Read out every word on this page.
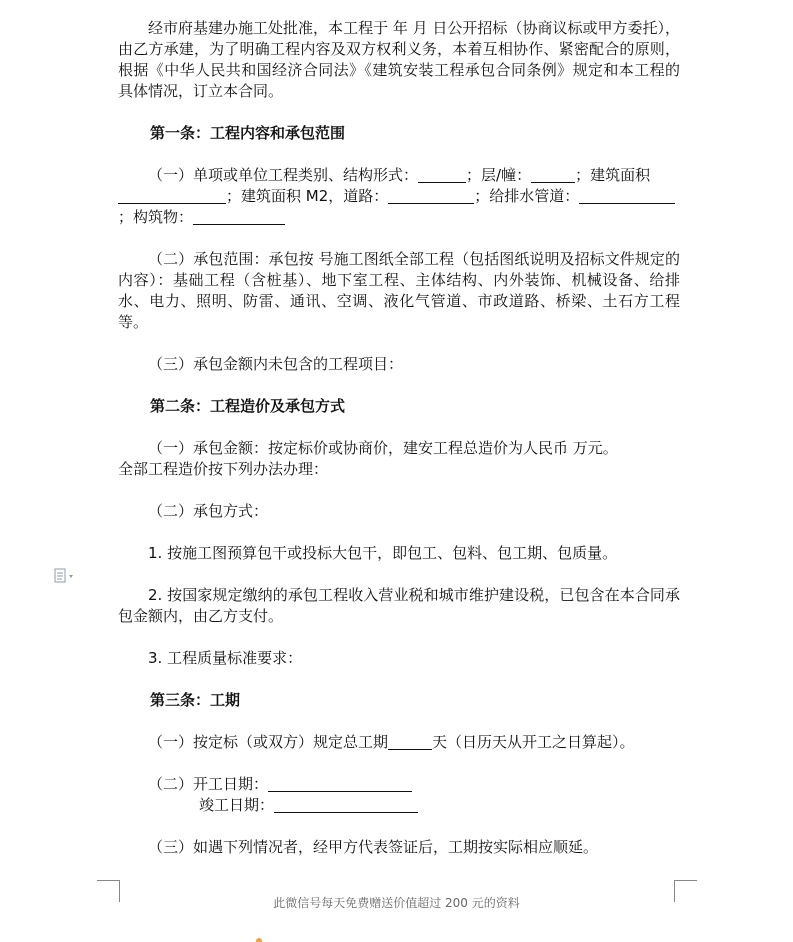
经市府基建办施工处批准，本工程于 年 月 日公开招标（协商议标或甲方委托），由乙方承建，为了明确工程内容及双方权利义务，本着互相协作、紧密配合的原则，根据《中华人民共和国经济合同法》《建筑安装工程承包合同条例》规定和本工程的具体情况，订立本合同。

第一条：工程内容和承包范围

（一）单项或单位工程类别、结构形式：	；层/幢：	；建筑面积；建筑面积 M2，道路：	；给排水管道：；构筑物：

（二）承包范围：承包按 号施工图纸全部工程（包括图纸说明及招标文件规定的内容）：基础工程（含桩基）、地下室工程、主体结构、内外装饰、机械设备、给排水、电力、照明、防雷、通讯、空调、液化气管道、市政道路、桥梁、土石方工程等。

（三）承包金额内未包含的工程项目：

第二条：工程造价及承包方式

（一）承包金额：按定标价或协商价，建安工程总造价为人民币 万元。

全部工程造价按下列办法办理：

（二）承包方式：

1. 按施工图预算包干或投标大包干，即包工、包料、包工期、包质量。

2. 按国家规定缴纳的承包工程收入营业税和城市维护建设税，已包含在本合同承包金额内，由乙方支付。

3. 工程质量标准要求：

第三条：工期

（一）按定标（或双方）规定总工期	天（日历天从开工之日算起）。

（二）开工日期：

竣工日期：

（三）如遇下列情况者，经甲方代表签证后，工期按实际相应顺延。

此微信号每天免费赠送价值超过 200 元的资料
